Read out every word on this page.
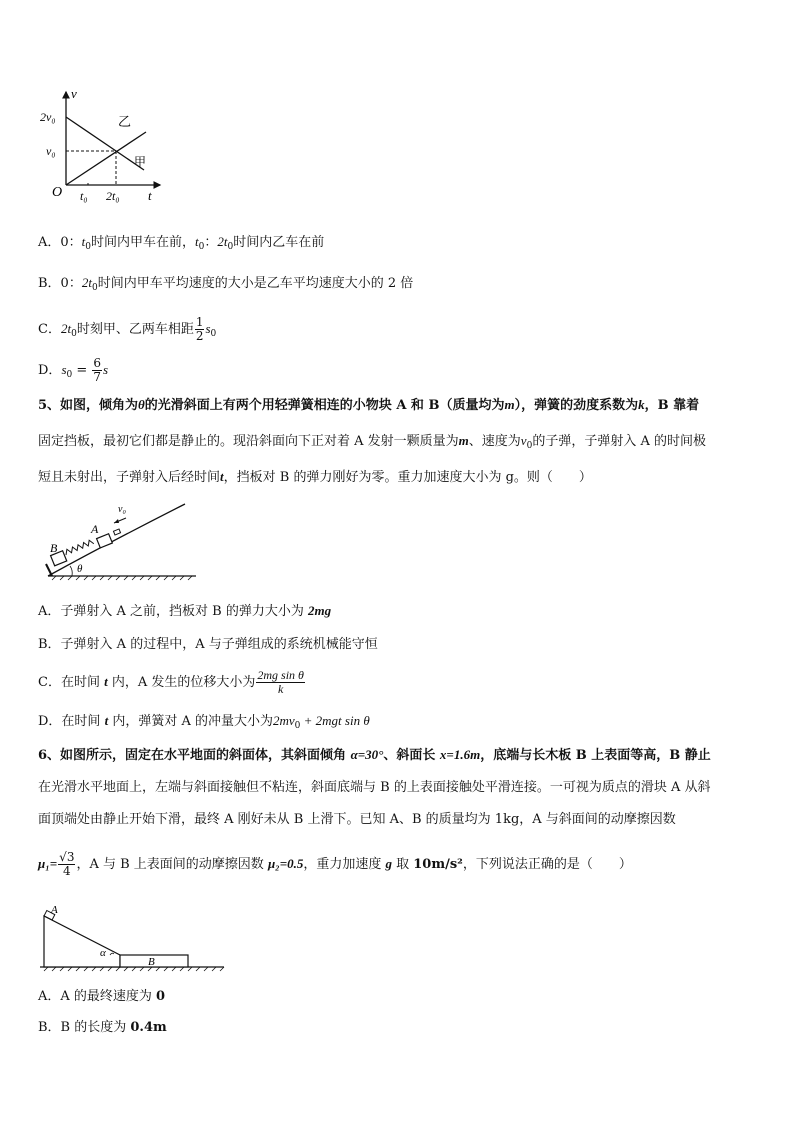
v
t
O
2v₀
v₀
t₀ 2t₀
乙
甲
A．0：$t_0$时间内甲车在前，$t_0$：$2t_0$时间内乙车在前
B．0：$2t_0$时间内甲车平均速度的大小是乙车平均速度大小的 2 倍
C．$2t_0$时刻甲、乙两车相距 $\frac{1}{2} s_0$
D．$s_0 = \frac{6}{7}$ s
5、如图，倾角为θ的光滑斜面上有两个用轻弹簧相连的小物块 A 和 B（质量均为m），弹簧的劲度系数为k，B 靠着
固定挡板，最初它们都是静止的。现沿斜面向下正对着 A 发射一颗质量为m、速度为$v_0$的子弹，子弹射入 A 的时间极
短且未射出，子弹射入后经时间t，挡板对 B 的弹力刚好为零。重力加速度大小为 g。则（　　）
B
A
v₀
θ
A．子弹射入 A 之前，挡板对 B 的弹力大小为 2mg
B．子弹射入 A 的过程中，A 与子弹组成的系统机械能守恒
C．在时间 t 内，A 发生的位移大小为 $\frac{\text{2mg sin θ}}{k}$
D．在时间 t 内，弹簧对 A 的冲量大小为$2mv_0 + 2mgt$ sin θ
6、如图所示，固定在水平地面的斜面体，其斜面倾角 α=30°、斜面长 x=1.6m，底端与长木板 B 上表面等高，B 静止
在光滑水平地面上，左端与斜面接触但不粘连，斜面底端与 B 的上表面接触处平滑连接。一可视为质点的滑块 A 从斜
面顶端处由静止开始下滑，最终 A 刚好未从 B 上滑下。已知 A、B 的质量均为 1kg，A 与斜面间的动摩擦因数
$\mu_1= \frac{√3}{4}$ ，A 与 B 上表面间的动摩擦因数 μ₂=0.5，重力加速度 g 取 10m/s²，下列说法正确的是（　　）
A
α
B
A．A 的最终速度为 0
B．B 的长度为 0.4m
